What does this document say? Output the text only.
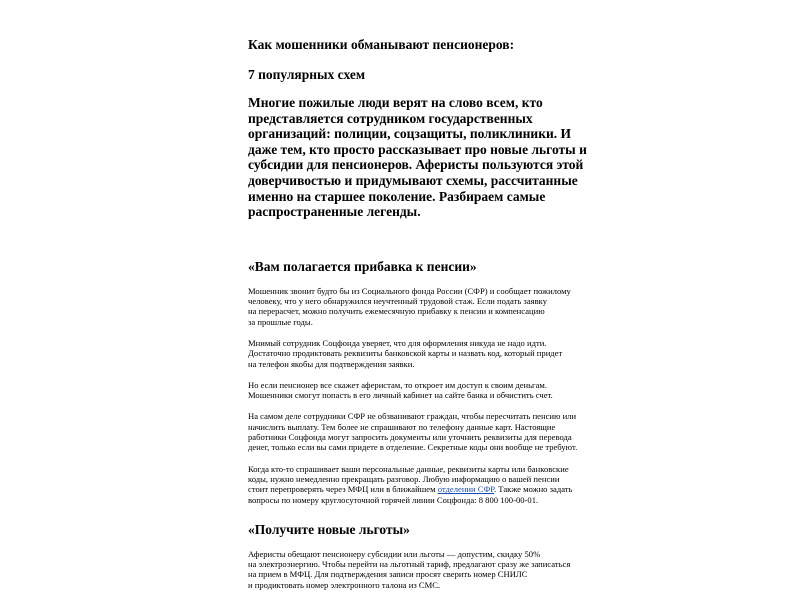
Как мошенники обманывают пенсионеров:
7 популярных схем

Многие пожилые люди верят на слово всем, кто представляется сотрудником государственных организаций: полиции, соцзащиты, поликлиники. И даже тем, кто просто рассказывает про новые льготы и субсидии для пенсионеров. Аферисты пользуются этой доверчивостью и придумывают схемы, рассчитанные именно на старшее поколение. Разбираем самые распространенные легенды.

«Вам полагается прибавка к пенсии»

Мошенник звонит будто бы из Социального фонда России (СФР) и сообщает пожилому
человеку, что у него обнаружился неучтенный трудовой стаж. Если подать заявку
на перерасчет, можно получить ежемесячную прибавку к пенсии и компенсацию
за прошлые годы.

Мнимый сотрудник Соцфонда уверяет, что для оформления никуда не надо идти.
Достаточно продиктовать реквизиты банковской карты и назвать код, который придет
на телефон якобы для подтверждения заявки.

Но если пенсионер все скажет аферистам, то откроет им доступ к своим деньгам.
Мошенники смогут попасть в его личный кабинет на сайте банка и обчистить счет.

На самом деле сотрудники СФР не обзванивают граждан, чтобы пересчитать пенсию или
начислить выплату. Тем более не спрашивают по телефону данные карт. Настоящие
работники Соцфонда могут запросить документы или уточнить реквизиты для перевода
денег, только если вы сами придете в отделение. Секретные коды они вообще не требуют.

Когда кто-то спрашивает ваши персональные данные, реквизиты карты или банковские
коды, нужно немедленно прекращать разговор. Любую информацию о вашей пенсии
стоит перепроверять через МФЦ или в ближайшем отделении СФР. Также можно задать
вопросы по номеру круглосуточной горячей линии Соцфонда: 8 800 100-00-01.

«Получите новые льготы»

Аферисты обещают пенсионеру субсидии или льготы — допустим, скидку 50%
на электроэнергию. Чтобы перейти на льготный тариф, предлагают сразу же записаться
на прием в МФЦ. Для подтверждения записи просят сверить номер СНИЛС
и продиктовать номер электронного талона из СМС.
